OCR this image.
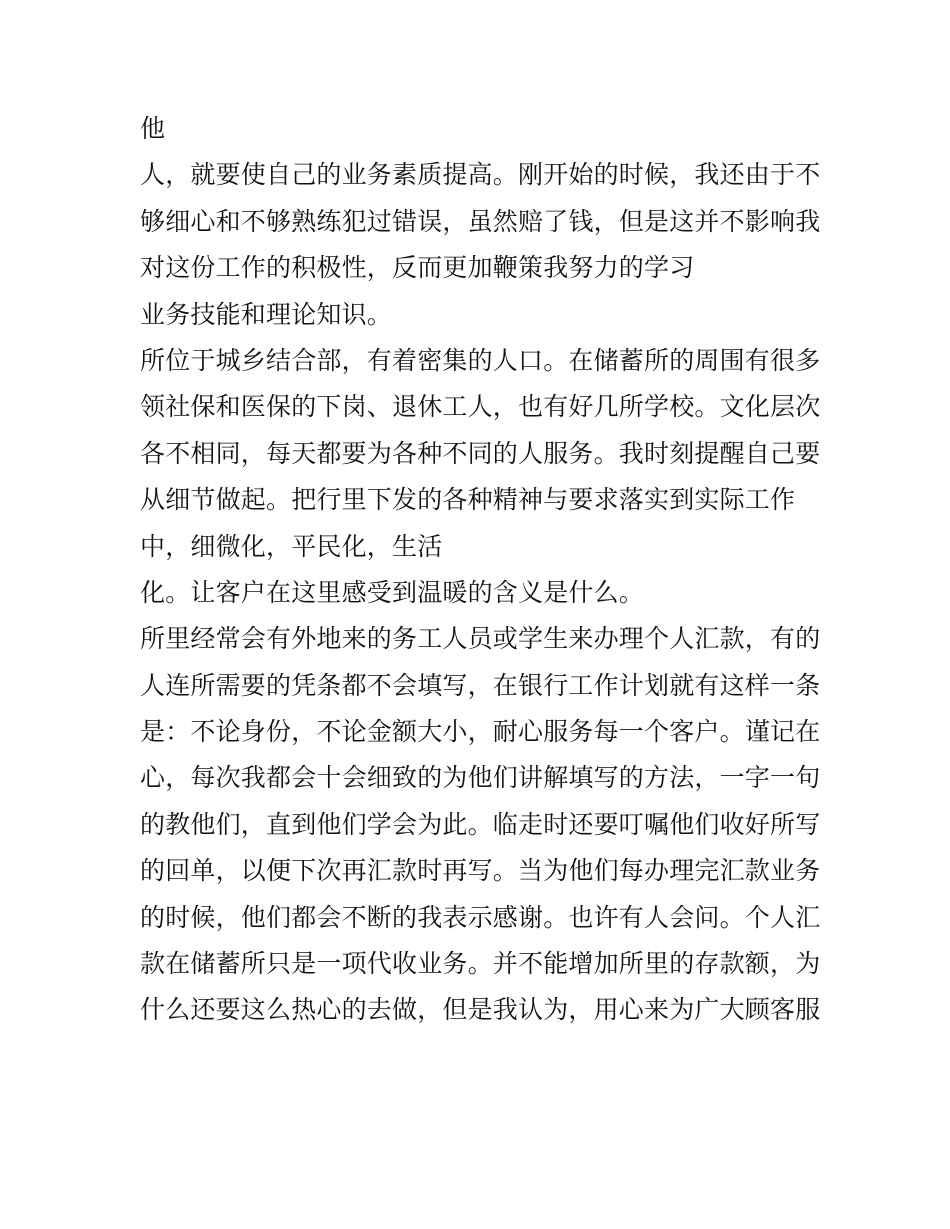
他
人，就要使自己的业务素质提高。刚开始的时候，我还由于不
够细心和不够熟练犯过错误，虽然赔了钱，但是这并不影响我
对这份工作的积极性，反而更加鞭策我努力的学习
业务技能和理论知识。
所位于城乡结合部，有着密集的人口。在储蓄所的周围有很多
领社保和医保的下岗、退休工人，也有好几所学校。文化层次
各不相同，每天都要为各种不同的人服务。我时刻提醒自己要
从细节做起。把行里下发的各种精神与要求落实到实际工作
中，细微化，平民化，生活
化。让客户在这里感受到温暖的含义是什么。
所里经常会有外地来的务工人员或学生来办理个人汇款，有的
人连所需要的凭条都不会填写，在银行工作计划就有这样一条
是：不论身份，不论金额大小，耐心服务每一个客户。谨记在
心，每次我都会十会细致的为他们讲解填写的方法，一字一句
的教他们，直到他们学会为此。临走时还要叮嘱他们收好所写
的回单，以便下次再汇款时再写。当为他们每办理完汇款业务
的时候，他们都会不断的我表示感谢。也许有人会问。个人汇
款在储蓄所只是一项代收业务。并不能增加所里的存款额，为
什么还要这么热心的去做，但是我认为，用心来为广大顾客服
